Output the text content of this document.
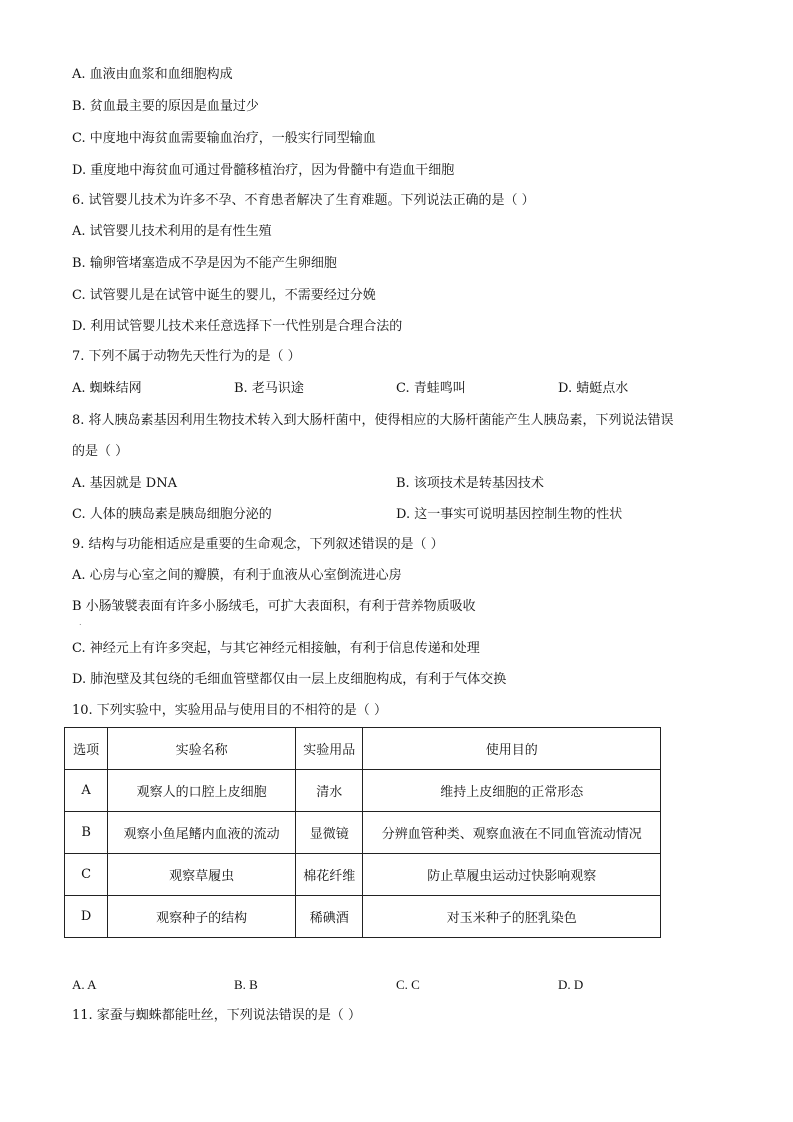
A. 血液由血浆和血细胞构成
B. 贫血最主要的原因是血量过少
C. 中度地中海贫血需要输血治疗，一般实行同型输血
D. 重度地中海贫血可通过骨髓移植治疗，因为骨髓中有造血干细胞
6. 试管婴儿技术为许多不孕、不育患者解决了生育难题。下列说法正确的是（ ）
A. 试管婴儿技术利用的是有性生殖
B. 输卵管堵塞造成不孕是因为不能产生卵细胞
C. 试管婴儿是在试管中诞生的婴儿，不需要经过分娩
D. 利用试管婴儿技术来任意选择下一代性别是合理合法的
7. 下列不属于动物先天性行为的是（ ）
A. 蜘蛛结网	B. 老马识途	C. 青蛙鸣叫	D. 蜻蜓点水
8. 将人胰岛素基因利用生物技术转入到大肠杆菌中，使得相应的大肠杆菌能产生人胰岛素，下列说法错误
的是（ ）
A. 基因就是 DNA	B. 该项技术是转基因技术
C. 人体的胰岛素是胰岛细胞分泌的	D. 这一事实可说明基因控制生物的性状
9. 结构与功能相适应是重要的生命观念，下列叙述错误的是（ ）
A. 心房与心室之间的瓣膜，有利于血液从心室倒流进心房
B 小肠皱襞表面有许多小肠绒毛，可扩大表面积，有利于营养物质吸收
.
C. 神经元上有许多突起，与其它神经元相接触，有利于信息传递和处理
D. 肺泡壁及其包绕的毛细血管壁都仅由一层上皮细胞构成，有利于气体交换
10. 下列实验中，实验用品与使用目的不相符的是（ ）
选项	实验名称	实验用品	使用目的
A	观察人的口腔上皮细胞	清水	维持上皮细胞的正常形态
B	观察小鱼尾鳍内血液的流动	显微镜	分辨血管种类、观察血液在不同血管流动情况
C	观察草履虫	棉花纤维	防止草履虫运动过快影响观察
D	观察种子的结构	稀碘酒	对玉米种子的胚乳染色
A. A	B. B	C. C	D. D
11. 家蚕与蜘蛛都能吐丝，下列说法错误的是（ ）
